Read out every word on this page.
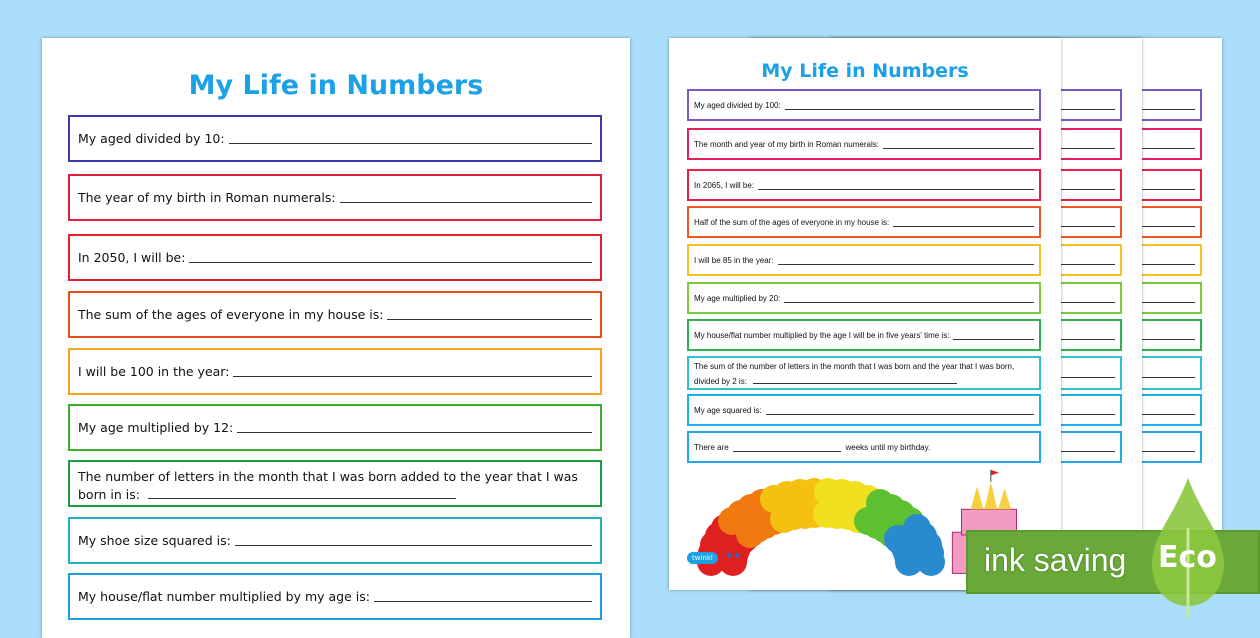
My Life in Numbers
My aged divided by 10:
The year of my birth in Roman numerals:
In 2050, I will be:
The sum of the ages of everyone in my house is:
I will be 100 in the year:
My age multiplied by 12:
The number of letters in the month that I was born added to the year that I was born in is:
My shoe size squared is:
My house/flat number multiplied by my age is:
My Life in Numbers
My aged divided by 100:
The month and year of my birth in Roman numerals:
In 2065, I will be:
Half of the sum of the ages of everyone in my house is:
I will be 85 in the year:
My age multiplied by 20:
My house/flat number multiplied by the age I will be in five years' time is:
The sum of the number of letters in the month that I was born and the year that I was born, divided by 2 is:
My age squared is:
There are	weeks until my birthday.
twinkl	★★	ink saving Eco
